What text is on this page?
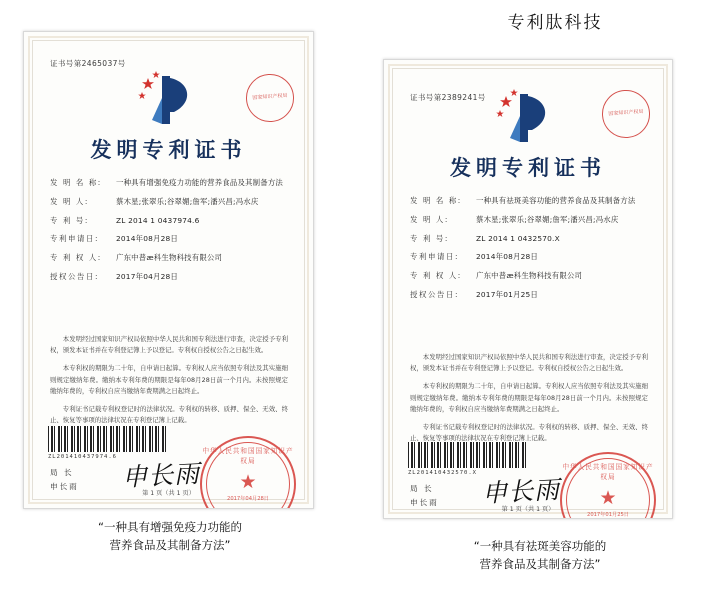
专利肽科技
证书号第2465037号
国家知识产权局
发明专利证书
发 明 名 称:	一种具有增强免疫力功能的营养食品及其制备方法
发 明 人:	蔡木星;张翠乐;谷翠媚;詹军;潘兴昌;冯水庆
专 利 号:	ZL 2014 1 0437974.6
专利申请日:	2014年08月28日
专 利 权 人:	广东中普ӕ科生物科技有限公司
授权公告日:	2017年04月28日

本发明经过国家知识产权局依照中华人民共和国专利法进行审查，决定授予专利权，颁发本证书并在专利登记簿上予以登记。专利权自授权公告之日起生效。

本专利权的期限为二十年，自申请日起算。专利权人应当依照专利法及其实施细则规定缴纳年费。缴纳本专利年费的期限是每年08月28日前一个月内。未按照规定缴纳年费的，专利权自应当缴纳年费期满之日起终止。

专利证书记载专利权登记时的法律状况。专利权的转移、质押、保全、无效、终止、恢复等事项的法律状况在专利登记簿上记载。

ZL201410437974.6
局 长
申长雨 申长雨
中华人民共和国国家知识产权局
★
2017年04月28日
第 1 页（共 1 页）
证书号第2389241号
国家知识产权局
发明专利证书
发 明 名 称:	一种具有祛斑美容功能的营养食品及其制备方法
发 明 人:	蔡木星;张翠乐;谷翠媚;詹军;潘兴昌;冯水庆
专 利 号:	ZL 2014 1 0432570.X
专利申请日:	2014年08月28日
专 利 权 人:	广东中普ӕ科生物科技有限公司
授权公告日:	2017年01月25日

本发明经过国家知识产权局依照中华人民共和国专利法进行审查，决定授予专利权，颁发本证书并在专利登记簿上予以登记。专利权自授权公告之日起生效。

本专利权的期限为二十年，自申请日起算。专利权人应当依照专利法及其实施细则规定缴纳年费。缴纳本专利年费的期限是每年08月28日前一个月内。未按照规定缴纳年费的，专利权自应当缴纳年费期满之日起终止。

专利证书记载专利权登记时的法律状况。专利权的转移、质押、保全、无效、终止、恢复等事项的法律状况在专利登记簿上记载。

ZL201410432570.X
局 长
申长雨 申长雨
中华人民共和国国家知识产权局
★
2017年01月25日
第 1 页（共 1 页）
“一种具有增强免疫力功能的
营养食品及其制备方法”	“一种具有祛斑美容功能的
营养食品及其制备方法”
